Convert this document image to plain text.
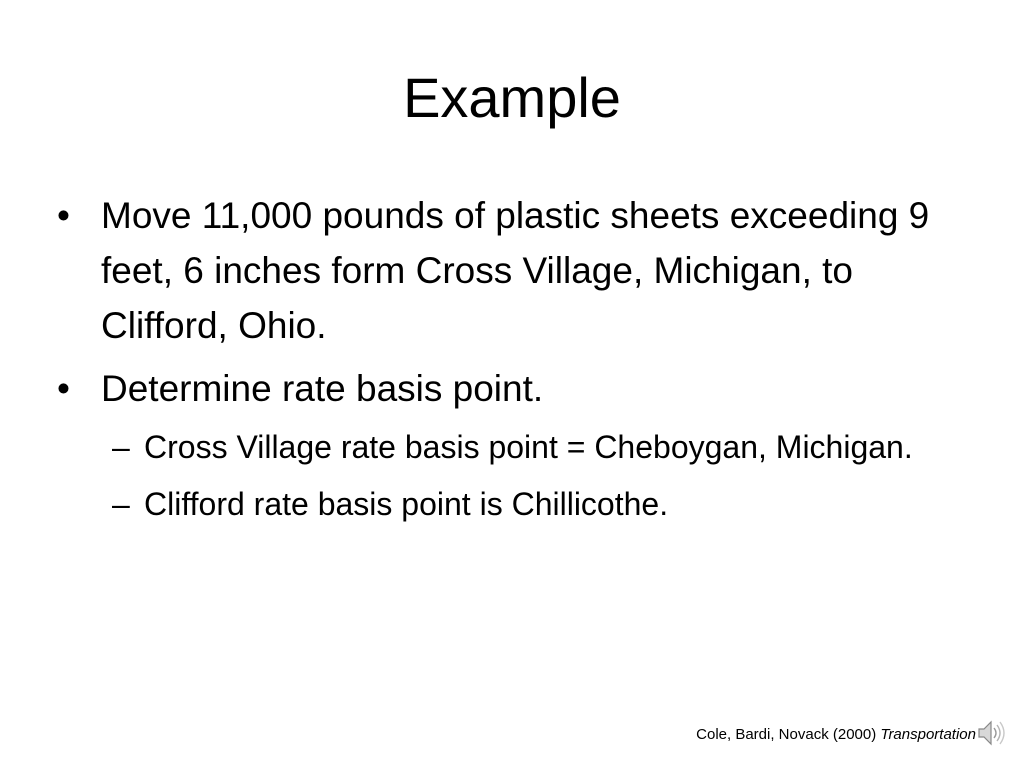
Example
• Move 11,000 pounds of plastic sheets exceeding 9 feet, 6 inches form Cross Village, Michigan, to Clifford, Ohio.
• Determine rate basis point.
– Cross Village rate basis point = Cheboygan, Michigan.
– Clifford rate basis point is Chillicothe.
Cole, Bardi, Novack (2000) Transportation
